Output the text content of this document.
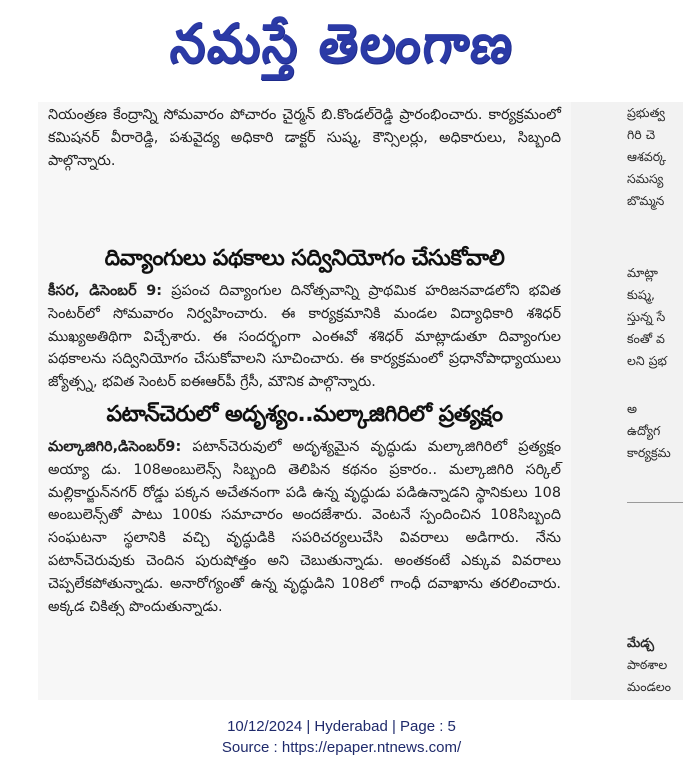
నమస్తే తెలంగాణ

నియంత్రణ కేంద్రాన్ని సోమవారం పోచారం చైర్మన్ బి.కొండల్‌రెడ్డి ప్రారంభించారు. కార్యక్రమంలో కమిషనర్ వీరారెడ్డి, పశువైద్య అధికారి డాక్టర్ సుష్మ, కౌన్సిలర్లు, అధికారులు, సిబ్బంది పాల్గొన్నారు.

దివ్యాంగులు పథకాలు సద్వినియోగం చేసుకోవాలి

కీసర, డిసెంబర్ 9: ప్రపంచ దివ్యాంగుల దినోత్సవాన్ని ప్రాథమిక హరిజనవాడలోని భవిత సెంటర్‌లో సోమవారం నిర్వహించారు. ఈ కార్యక్రమానికి మండల విద్యాధికారి శశిధర్ ముఖ్యఅతిథిగా విచ్చేశారు. ఈ సందర్భంగా ఎంఈవో శశిధర్ మాట్లాడుతూ దివ్యాంగుల పథకాలను సద్వినియోగం చేసుకోవాలని సూచించారు. ఈ కార్యక్రమంలో ప్రధానోపాధ్యాయులు జ్యోత్స్న, భవిత సెంటర్ ఐఈఆర్‌పీ గ్రేసీ, మౌనిక పాల్గొన్నారు.

పటాన్‌చెరులో అదృశ్యం..మల్కాజిగిరిలో ప్రత్యక్షం

మల్కాజిగిరి,డిసెంబర్9: పటాన్‌చెరువులో అదృశ్యమైన వృద్ధుడు మల్కాజిగిరిలో ప్రత్యక్షం అయ్యా డు. 108అంబులెన్స్ సిబ్బంది తెలిపిన కథనం ప్రకారం.. మల్కాజిగిరి సర్కిల్ మల్లికార్జున్‌నగర్ రోడ్డు పక్కన అచేతనంగా పడి ఉన్న వృద్ధుడు పడిఉన్నాడని స్థానికులు 108 అంబులెన్స్‌తో పాటు 100కు సమాచారం అందజేశారు. వెంటనే స్పందించిన 108సిబ్బంది సంఘటనా స్థలానికి వచ్చి వృద్ధుడికి సపరిచర్యలుచేసి వివరాలు అడిగారు. నేను పటాన్‌చెరువుకు చెందిన పురుషోత్తం అని చెబుతున్నాడు. అంతకంటే ఎక్కువ వివరాలు చెప్పలేకపోతున్నాడు. అనారోగ్యంతో ఉన్న వృద్ధుడిని 108లో గాంధీ దవాఖాను తరలించారు. అక్కడ చికిత్స పొందుతున్నాడు.

ప్రభుత్వ
గిరి చె
ఆశవర్క
సమస్య
బొమ్మన
మాట్లా
కుష్మ,
స్తున్న సే
కంతో వ
లని ప్రభ
అ
ఉద్యోగ
కార్యక్రమ
మేడ్చ
పాఠశాల
మండలం
10/12/2024 | Hyderabad | Page : 5
Source : https://epaper.ntnews.com/
